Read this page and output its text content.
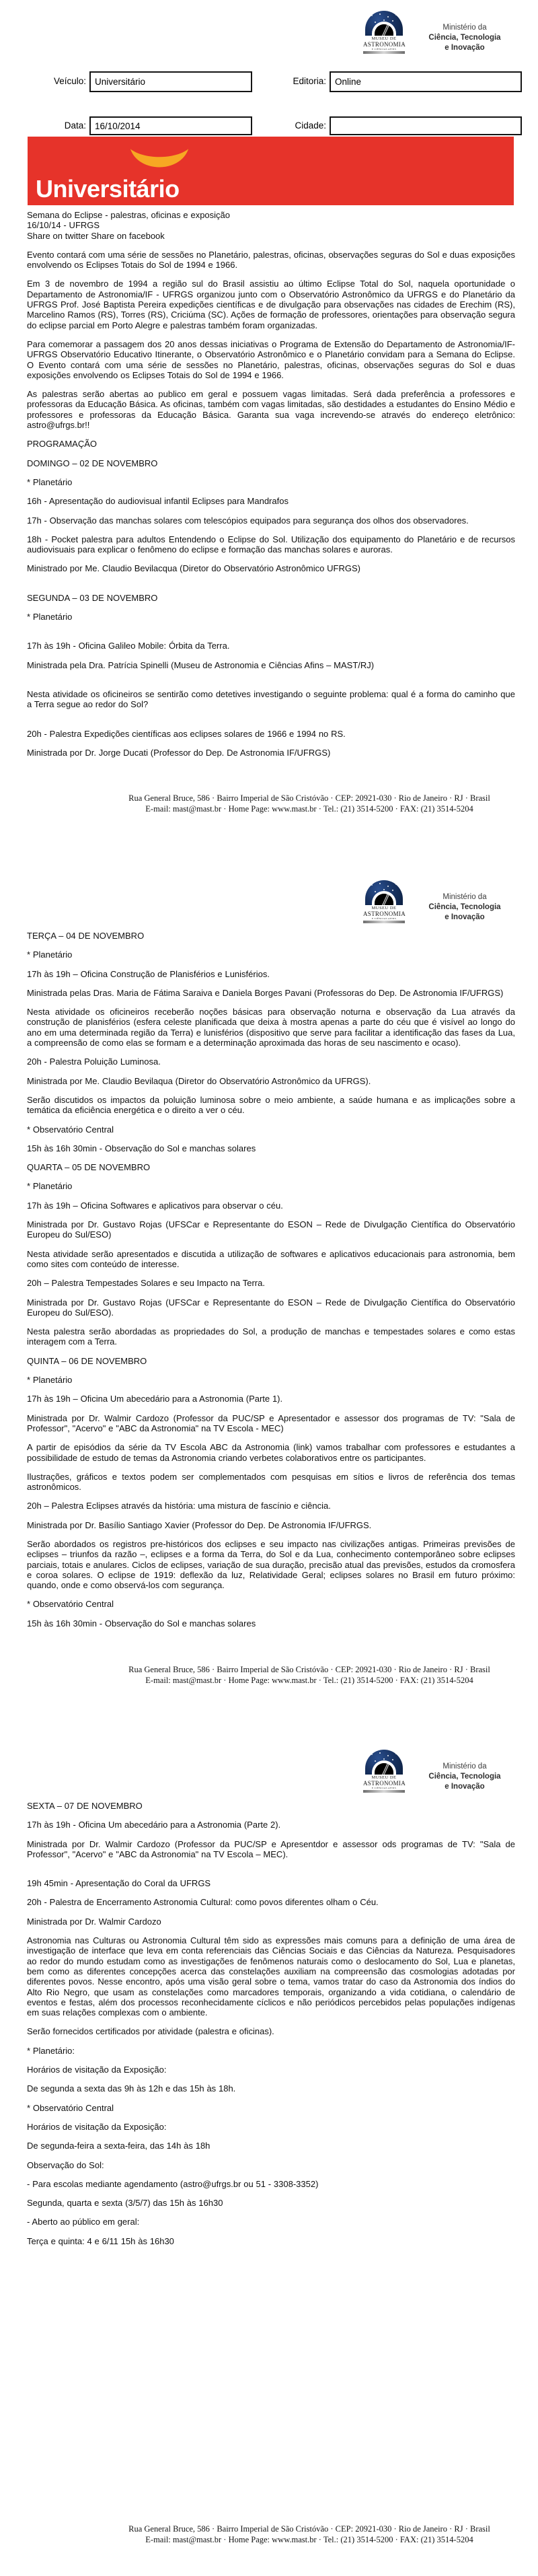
MUSEU DE
ASTRONOMIA
E CIÊNCIAS AFINS
Ministério da
Ciência, Tecnologia
e Inovação
Veículo:
Universitário	Editoria:
Online
Data:
16/10/2014	Cidade:
Universitário

Semana do Eclipse - palestras, oficinas e exposição

16/10/14 - UFRGS

Share on twitter Share on facebook

Evento contará com uma série de sessões no Planetário, palestras, oficinas, observações seguras do Sol e duas exposições envolvendo os Eclipses Totais do Sol de 1994 e 1966.

Em 3 de novembro de 1994 a região sul do Brasil assistiu ao último Eclipse Total do Sol, naquela oportunidade o Departamento de Astronomia/IF - UFRGS organizou junto com o Observatório Astronômico da UFRGS e do Planetário da UFRGS Prof. José Baptista Pereira expedições científicas e de divulgação para observações nas cidades de Erechim (RS), Marcelino Ramos (RS), Torres (RS), Criciúma (SC). Ações de formação de professores, orientações para observação segura do eclipse parcial em Porto Alegre e palestras também foram organizadas.

Para comemorar a passagem dos 20 anos dessas iniciativas o Programa de Extensão do Departamento de Astronomia/IF-UFRGS Observatório Educativo Itinerante, o Observatório Astronômico e o Planetário convidam para a Semana do Eclipse. O Evento contará com uma série de sessões no Planetário, palestras, oficinas, observações seguras do Sol e duas exposições envolvendo os Eclipses Totais do Sol de 1994 e 1966.

As palestras serão abertas ao publico em geral e possuem vagas limitadas. Será dada preferência a professores e professoras da Educação Básica. As oficinas, também com vagas limitadas, são destidades a estudantes do Ensino Médio e professores e professoras da Educação Básica. Garanta sua vaga increvendo-se através do endereço eletrônico: astro@ufrgs.br!!

PROGRAMAÇÃO

DOMINGO – 02 DE NOVEMBRO

* Planetário

16h - Apresentação do audiovisual infantil Eclipses para Mandrafos

17h - Observação das manchas solares com telescópios equipados para segurança dos olhos dos observadores.

18h - Pocket palestra para adultos Entendendo o Eclipse do Sol. Utilização dos equipamento do Planetário e de recursos audiovisuais para explicar o fenômeno do eclipse e formação das manchas solares e auroras.

Ministrado por Me. Claudio Bevilacqua (Diretor do Observatório Astronômico UFRGS)

SEGUNDA – 03 DE NOVEMBRO

* Planetário

17h às 19h - Oficina Galileo Mobile: Órbita da Terra.

Ministrada pela Dra. Patrícia Spinelli (Museu de Astronomia e Ciências Afins – MAST/RJ)

Nesta atividade os oficineiros se sentirão como detetives investigando o seguinte problema: qual é a forma do caminho que a Terra segue ao redor do Sol?

20h - Palestra Expedições científicas aos eclipses solares de 1966 e 1994 no RS.

Ministrada por Dr. Jorge Ducati (Professor do Dep. De Astronomia IF/UFRGS)

Rua General Bruce, 586 · Bairro Imperial de São Cristóvão · CEP: 20921-030 · Rio de Janeiro · RJ · Brasil
E-mail: mast@mast.br · Home Page: www.mast.br · Tel.: (21) 3514-5200 · FAX: (21) 3514-5204
MUSEU DE
ASTRONOMIA
E CIÊNCIAS AFINS
Ministério da
Ciência, Tecnologia
e Inovação

TERÇA – 04 DE NOVEMBRO

* Planetário

17h às 19h – Oficina Construção de Planisférios e Lunisférios.

Ministrada pelas Dras. Maria de Fátima Saraiva e Daniela Borges Pavani (Professoras do Dep. De Astronomia IF/UFRGS)

Nesta atividade os oficineiros receberão noções básicas para observação noturna e observação da Lua através da construção de planisférios (esfera celeste planificada que deixa à mostra apenas a parte do céu que é visível ao longo do ano em uma determinada região da Terra) e lunisférios (dispositivo que serve para facilitar a identificação das fases da Lua, a compreensão de como elas se formam e a determinação aproximada das horas de seu nascimento e ocaso).

20h - Palestra Poluição Luminosa.

Ministrada por Me. Claudio Bevilaqua (Diretor do Observatório Astronômico da UFRGS).

Serão discutidos os impactos da poluição luminosa sobre o meio ambiente, a saúde humana e as implicações sobre a temática da eficiência energética e o direito a ver o céu.

* Observatório Central

15h às 16h 30min - Observação do Sol e manchas solares

QUARTA – 05 DE NOVEMBRO

* Planetário

17h às 19h – Oficina Softwares e aplicativos para observar o céu.

Ministrada por Dr. Gustavo Rojas (UFSCar e Representante do ESON – Rede de Divulgação Científica do Observatório Europeu do Sul/ESO)

Nesta atividade serão apresentados e discutida a utilização de softwares e aplicativos educacionais para astronomia, bem como sites com conteúdo de interesse.

20h – Palestra Tempestades Solares e seu Impacto na Terra.

Ministrada por Dr. Gustavo Rojas (UFSCar e Representante do ESON – Rede de Divulgação Científica do Observatório Europeu do Sul/ESO).

Nesta palestra serão abordadas as propriedades do Sol, a produção de manchas e tempestades solares e como estas interagem com a Terra.

QUINTA – 06 DE NOVEMBRO

* Planetário

17h às 19h – Oficina Um abecedário para a Astronomia (Parte 1).

Ministrada por Dr. Walmir Cardozo (Professor da PUC/SP e Apresentador e assessor dos programas de TV: "Sala de Professor", "Acervo" e "ABC da Astronomia" na TV Escola - MEC)

A partir de episódios da série da TV Escola ABC da Astronomia (link) vamos trabalhar com professores e estudantes a possibilidade de estudo de temas da Astronomia criando verbetes colaborativos entre os participantes.

Ilustrações, gráficos e textos podem ser complementados com pesquisas em sítios e livros de referência dos temas astronômicos.

20h – Palestra Eclipses através da história: uma mistura de fascínio e ciência.

Ministrada por Dr. Basílio Santiago Xavier (Professor do Dep. De Astronomia IF/UFRGS.

Serão abordados os registros pre-históricos dos eclipses e seu impacto nas civilizações antigas. Primeiras previsões de eclipses – triunfos da razão –, eclipses e a forma da Terra, do Sol e da Lua, conhecimento contemporâneo sobre eclipses parciais, totais e anulares. Ciclos de eclipses, variação de sua duração, precisão atual das previsões, estudos da cromosfera e coroa solares. O eclipse de 1919: deflexão da luz, Relatividade Geral; eclipses solares no Brasil em futuro próximo: quando, onde e como observá-los com segurança.

* Observatório Central

15h às 16h 30min - Observação do Sol e manchas solares

Rua General Bruce, 586 · Bairro Imperial de São Cristóvão · CEP: 20921-030 · Rio de Janeiro · RJ · Brasil
E-mail: mast@mast.br · Home Page: www.mast.br · Tel.: (21) 3514-5200 · FAX: (21) 3514-5204
MUSEU DE
ASTRONOMIA
E CIÊNCIAS AFINS
Ministério da
Ciência, Tecnologia
e Inovação

SEXTA – 07 DE NOVEMBRO

17h às 19h - Oficina Um abecedário para a Astronomia (Parte 2).

Ministrada por Dr. Walmir Cardozo (Professor da PUC/SP e Apresentdor e assessor ods programas de TV: "Sala de Professor", "Acervo" e "ABC da Astronomia" na TV Escola – MEC).

19h 45min - Apresentação do Coral da UFRGS

20h - Palestra de Encerramento Astronomia Cultural: como povos diferentes olham o Céu.

Ministrada por Dr. Walmir Cardozo

Astronomia nas Culturas ou Astronomia Cultural têm sido as expressões mais comuns para a definição de uma área de investigação de interface que leva em conta referenciais das Ciências Sociais e das Ciências da Natureza. Pesquisadores ao redor do mundo estudam como as investigações de fenômenos naturais como o deslocamento do Sol, Lua e planetas, bem como as diferentes concepções acerca das constelações auxiliam na compreensão das cosmologias adotadas por diferentes povos. Nesse encontro, após uma visão geral sobre o tema, vamos tratar do caso da Astronomia dos índios do Alto Rio Negro, que usam as constelações como marcadores temporais, organizando a vida cotidiana, o calendário de eventos e festas, além dos processos reconhecidamente cíclicos e não periódicos percebidos pelas populações indígenas em suas relações complexas com o ambiente.

Serão fornecidos certificados por atividade (palestra e oficinas).

* Planetário:

Horários de visitação da Exposição:

De segunda a sexta das 9h às 12h e das 15h às 18h.

* Observatório Central

Horários de visitação da Exposição:

De segunda-feira a sexta-feira, das 14h às 18h

Observação do Sol:

- Para escolas mediante agendamento (astro@ufrgs.br ou 51 - 3308-3352)

Segunda, quarta e sexta (3/5/7) das 15h às 16h30

- Aberto ao público em geral:

Terça e quinta: 4 e 6/11 15h às 16h30

Rua General Bruce, 586 · Bairro Imperial de São Cristóvão · CEP: 20921-030 · Rio de Janeiro · RJ · Brasil
E-mail: mast@mast.br · Home Page: www.mast.br · Tel.: (21) 3514-5200 · FAX: (21) 3514-5204
